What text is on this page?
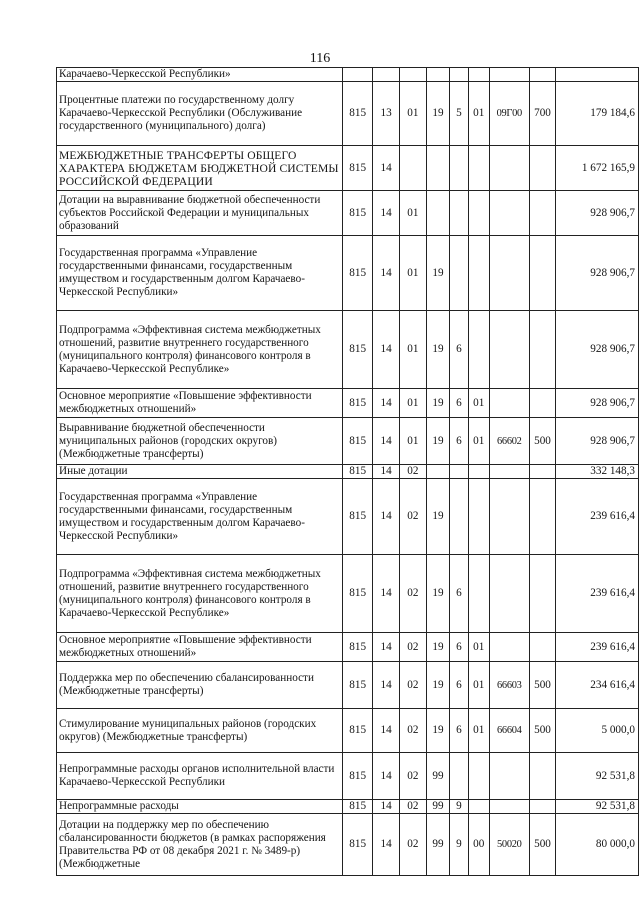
116
Карачаево-Черкесской Республики»									
Процентные платежи по государственному долгу Карачаево-Черкесской Республики (Обслуживание государственного (муниципального) долга)	815	13	01	19	5	01	09Г00	700	179 184,6
МЕЖБЮДЖЕТНЫЕ ТРАНСФЕРТЫ ОБЩЕГО ХАРАКТЕРА БЮДЖЕТАМ БЮДЖЕТНОЙ СИСТЕМЫ РОССИЙСКОЙ ФЕДЕРАЦИИ	815	14							1 672 165,9
Дотации на выравнивание бюджетной обеспеченности субъектов Российской Федерации и муниципальных образований	815	14	01						928 906,7
Государственная программа «Управление государственными финансами, государственным имуществом и государственным долгом Карачаево-Черкесской Республики»	815	14	01	19					928 906,7
Подпрограмма «Эффективная система межбюджетных отношений, развитие внутреннего государственного (муниципального контроля) финансового контроля в Карачаево-Черкесской Республике»	815	14	01	19	6				928 906,7
Основное мероприятие «Повышение эффективности межбюджетных отношений»	815	14	01	19	6	01			928 906,7
Выравнивание бюджетной обеспеченности муниципальных районов (городских округов) (Межбюджетные трансферты)	815	14	01	19	6	01	66602	500	928 906,7
Иные дотации	815	14	02						332 148,3
Государственная программа «Управление государственными финансами, государственным имуществом и государственным долгом Карачаево-Черкесской Республики»	815	14	02	19					239 616,4
Подпрограмма «Эффективная система межбюджетных отношений, развитие внутреннего государственного (муниципального контроля) финансового контроля в Карачаево-Черкесской Республике»	815	14	02	19	6				239 616,4
Основное мероприятие «Повышение эффективности межбюджетных отношений»	815	14	02	19	6	01			239 616,4
Поддержка мер по обеспечению сбалансированности (Межбюджетные трансферты)	815	14	02	19	6	01	66603	500	234 616,4
Стимулирование муниципальных районов (городских округов) (Межбюджетные трансферты)	815	14	02	19	6	01	66604	500	5 000,0
Непрограммные расходы органов исполнительной власти Карачаево-Черкесской Республики	815	14	02	99					92 531,8
Непрограммные расходы	815	14	02	99	9				92 531,8
Дотации на поддержку мер по обеспечению сбалансированности бюджетов (в рамках распоряжения Правительства РФ от 08 декабря 2021 г. № 3489-р) (Межбюджетные	815	14	02	99	9	00	50020	500	80 000,0
